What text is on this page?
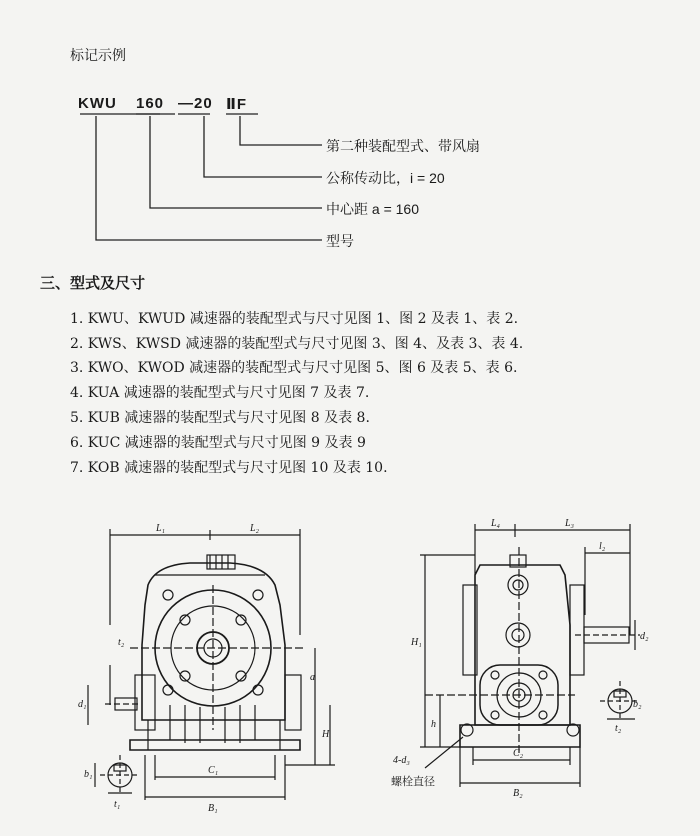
标记示例
KWU 160 —20 ⅡF
第二种装配型式、带风扇
公称传动比，i = 20
中心距 a = 160
型号
三、型式及尺寸
1. KWU、KWUD 减速器的装配型式与尺寸见图 1、图 2 及表 1、表 2.
2. KWS、KWSD 减速器的装配型式与尺寸见图 3、图 4、及表 3、表 4.
3. KWO、KWOD 减速器的装配型式与尺寸见图 5、图 6 及表 5、表 6.
4. KUA 减速器的装配型式与尺寸见图 7 及表 7.
5. KUB 减速器的装配型式与尺寸见图 8 及表 8.
6. KUC 减速器的装配型式与尺寸见图 9 及表 9
7. KOB 减速器的装配型式与尺寸见图 10 及表 10.
L₁	L₂
t₂
a
H
d₁
b₁
t₁
C₁
B₁
L₄	L₃
l₂
H₁
d₂
b₂
t₂
h
C₂
B₂
4-d₃
螺栓直径
